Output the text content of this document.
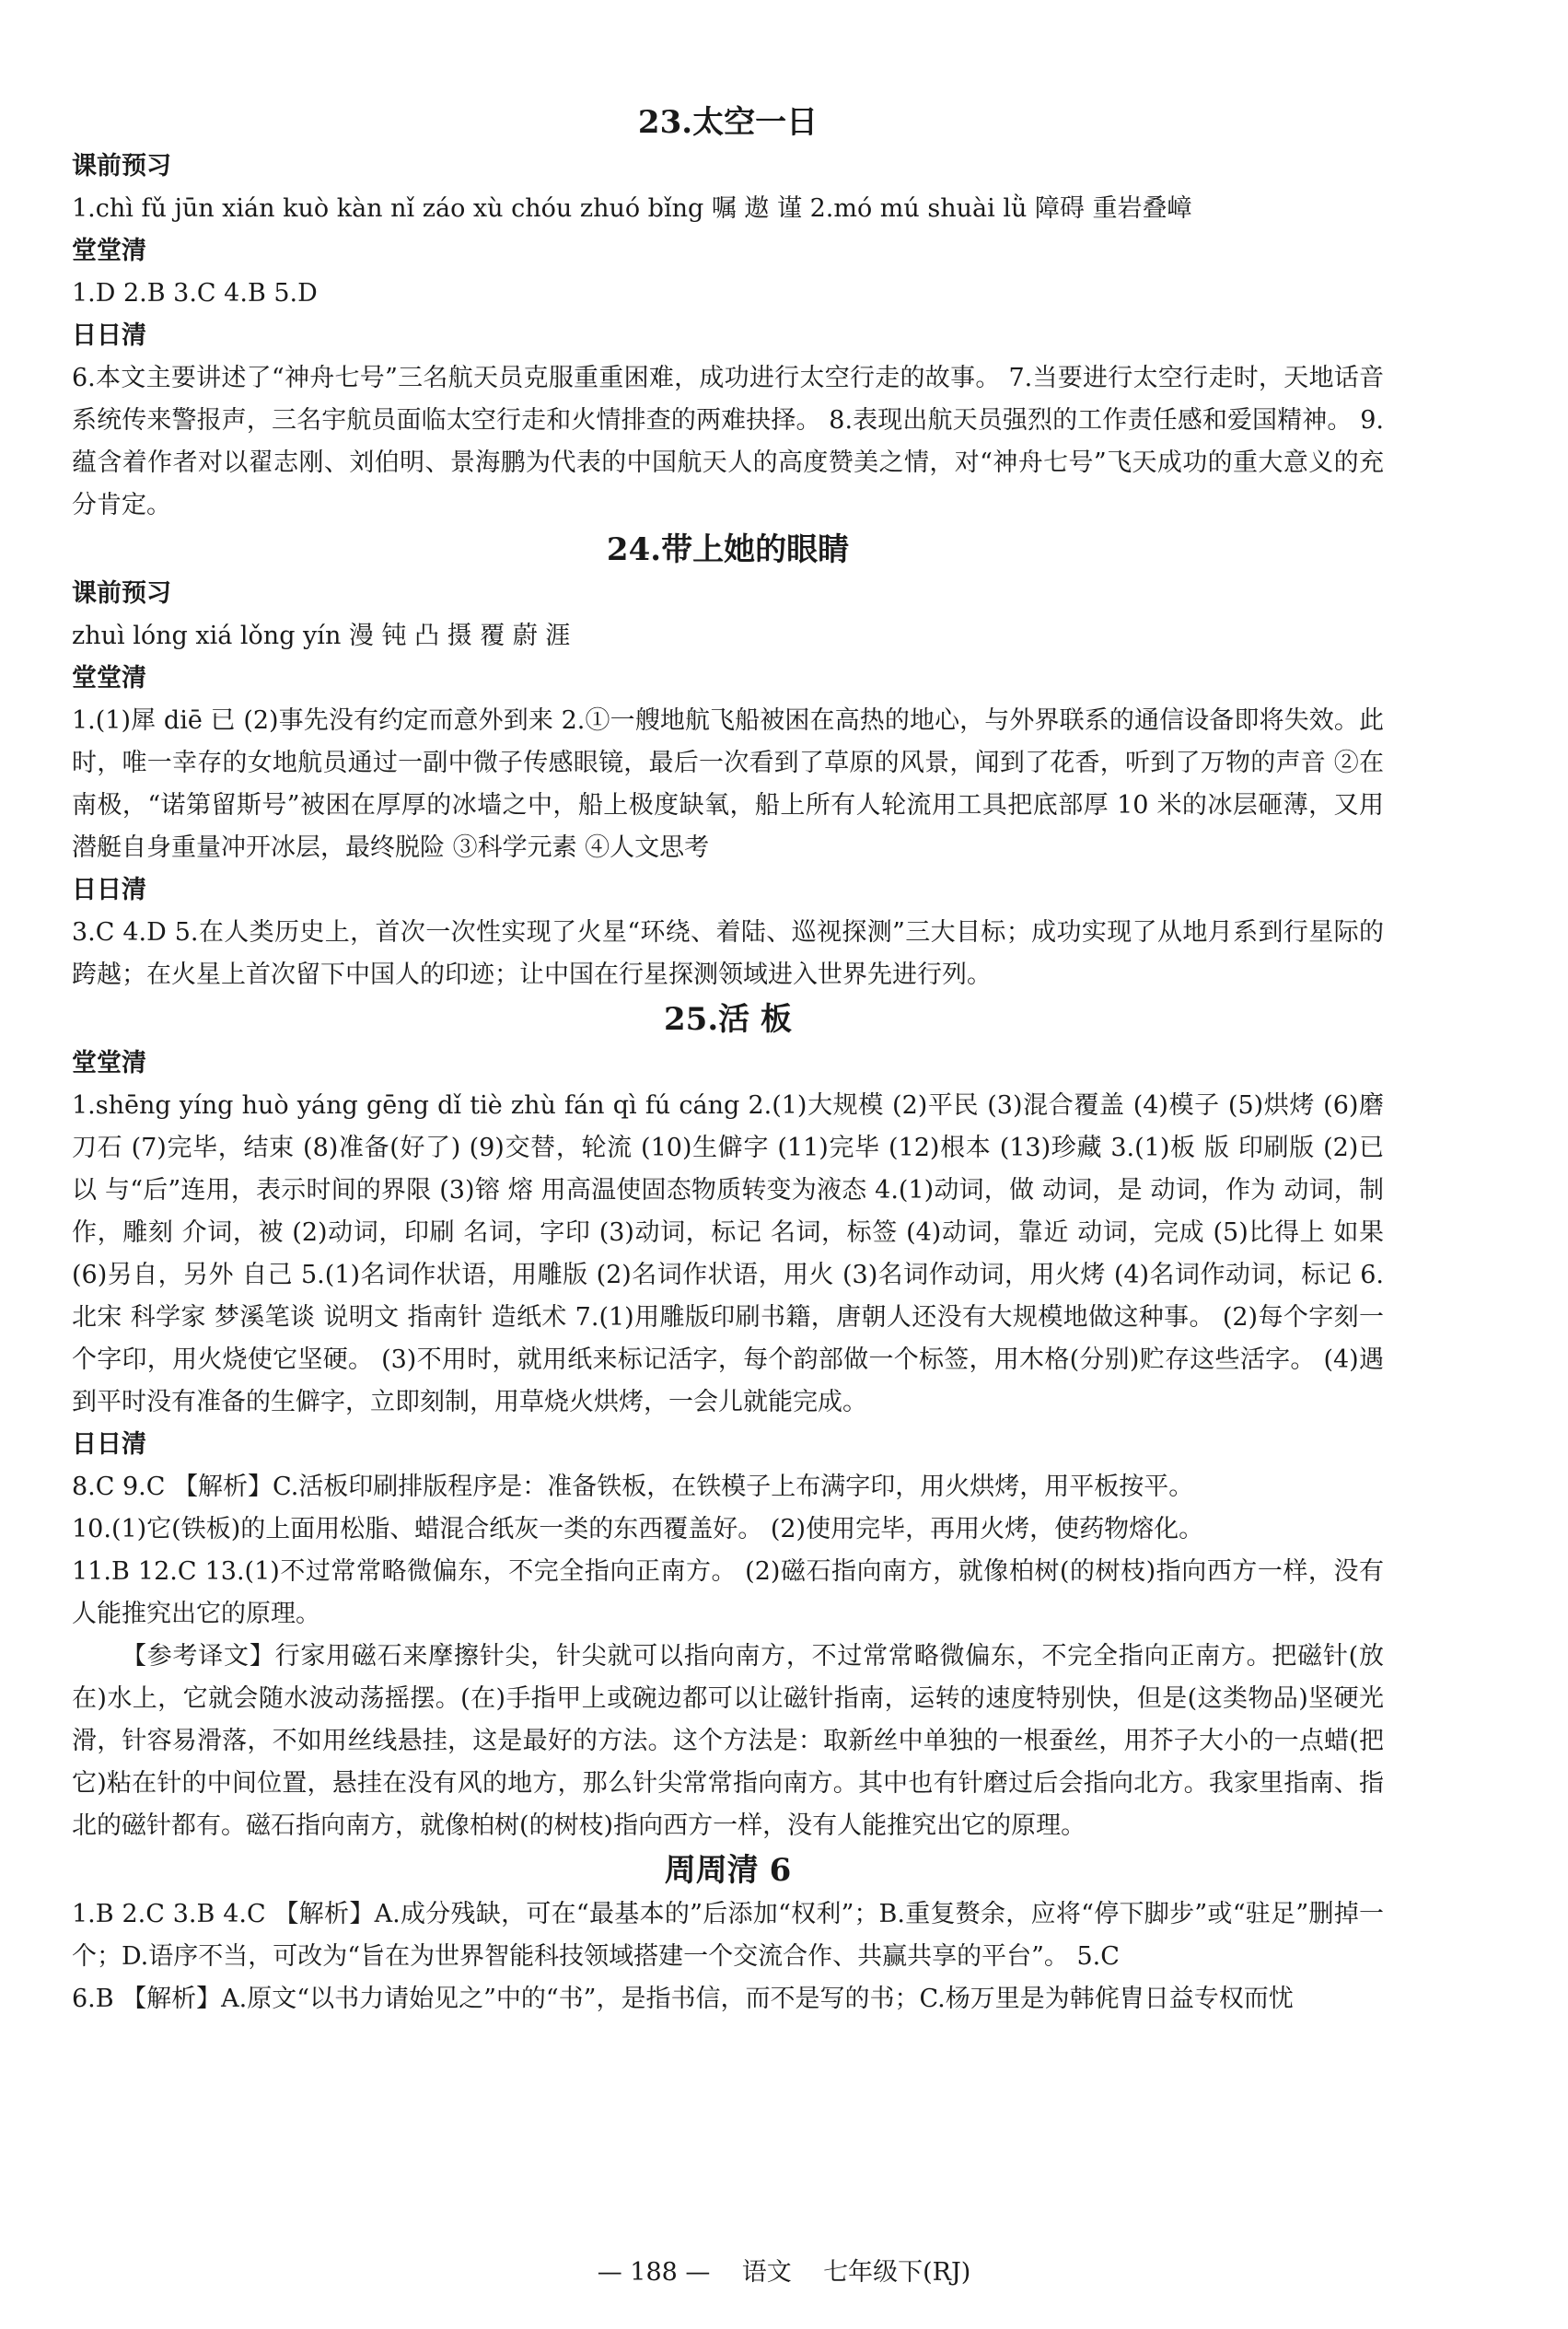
23.太空一日
课前预习
1.chì fǔ jūn xián kuò kàn nǐ záo xù chóu zhuó bǐng 嘱 遨 谨 2.mó mú shuài lǜ 障碍 重岩叠嶂
堂堂清
1.D 2.B 3.C 4.B 5.D
日日清
6.本文主要讲述了“神舟七号”三名航天员克服重重困难，成功进行太空行走的故事。 7.当要进行太空行走时，天地话音系统传来警报声，三名宇航员面临太空行走和火情排查的两难抉择。 8.表现出航天员强烈的工作责任感和爱国精神。 9.蕴含着作者对以翟志刚、刘伯明、景海鹏为代表的中国航天人的高度赞美之情，对“神舟七号”飞天成功的重大意义的充分肯定。
24.带上她的眼睛
课前预习
zhuì lóng xiá lǒng yín 漫 钝 凸 摄 覆 蔚 涯
堂堂清
1.(1)犀 diē 已 (2)事先没有约定而意外到来 2.①一艘地航飞船被困在高热的地心，与外界联系的通信设备即将失效。此时，唯一幸存的女地航员通过一副中微子传感眼镜，最后一次看到了草原的风景，闻到了花香，听到了万物的声音 ②在南极，“诺第留斯号”被困在厚厚的冰墙之中，船上极度缺氧，船上所有人轮流用工具把底部厚 10 米的冰层砸薄，又用潜艇自身重量冲开冰层，最终脱险 ③科学元素 ④人文思考
日日清
3.C 4.D 5.在人类历史上，首次一次性实现了火星“环绕、着陆、巡视探测”三大目标；成功实现了从地月系到行星际的跨越；在火星上首次留下中国人的印迹；让中国在行星探测领域进入世界先进行列。
25.活 板
堂堂清
1.shēng yíng huò yáng gēng dǐ tiè zhù fán qì fú cáng 2.(1)大规模 (2)平民 (3)混合覆盖 (4)模子 (5)烘烤 (6)磨刀石 (7)完毕，结束 (8)准备(好了) (9)交替，轮流 (10)生僻字 (11)完毕 (12)根本 (13)珍藏 3.(1)板 版 印刷版 (2)已 以 与“后”连用，表示时间的界限 (3)镕 熔 用高温使固态物质转变为液态 4.(1)动词，做 动词，是 动词，作为 动词，制作，雕刻 介词，被 (2)动词，印刷 名词，字印 (3)动词，标记 名词，标签 (4)动词，靠近 动词，完成 (5)比得上 如果 (6)另自，另外 自己 5.(1)名词作状语，用雕版 (2)名词作状语，用火 (3)名词作动词，用火烤 (4)名词作动词，标记 6.北宋 科学家 梦溪笔谈 说明文 指南针 造纸术 7.(1)用雕版印刷书籍，唐朝人还没有大规模地做这种事。 (2)每个字刻一个字印，用火烧使它坚硬。 (3)不用时，就用纸来标记活字，每个韵部做一个标签，用木格(分别)贮存这些活字。 (4)遇到平时没有准备的生僻字，立即刻制，用草烧火烘烤，一会儿就能完成。
日日清
8.C 9.C 【解析】C.活板印刷排版程序是：准备铁板，在铁模子上布满字印，用火烘烤，用平板按平。
10.(1)它(铁板)的上面用松脂、蜡混合纸灰一类的东西覆盖好。 (2)使用完毕，再用火烤，使药物熔化。
11.B 12.C 13.(1)不过常常略微偏东，不完全指向正南方。 (2)磁石指向南方，就像柏树(的树枝)指向西方一样，没有人能推究出它的原理。
【参考译文】行家用磁石来摩擦针尖，针尖就可以指向南方，不过常常略微偏东，不完全指向正南方。把磁针(放在)水上，它就会随水波动荡摇摆。(在)手指甲上或碗边都可以让磁针指南，运转的速度特别快，但是(这类物品)坚硬光滑，针容易滑落，不如用丝线悬挂，这是最好的方法。这个方法是：取新丝中单独的一根蚕丝，用芥子大小的一点蜡(把它)粘在针的中间位置，悬挂在没有风的地方，那么针尖常常指向南方。其中也有针磨过后会指向北方。我家里指南、指北的磁针都有。磁石指向南方，就像柏树(的树枝)指向西方一样，没有人能推究出它的原理。
周周清 6
1.B 2.C 3.B 4.C 【解析】A.成分残缺，可在“最基本的”后添加“权利”；B.重复赘余，应将“停下脚步”或“驻足”删掉一个；D.语序不当，可改为“旨在为世界智能科技领域搭建一个交流合作、共赢共享的平台”。 5.C
6.B 【解析】A.原文“以书力请始见之”中的“书”，是指书信，而不是写的书；C.杨万里是为韩侂胄日益专权而忧
— 188 — 语文 七年级下(RJ)
